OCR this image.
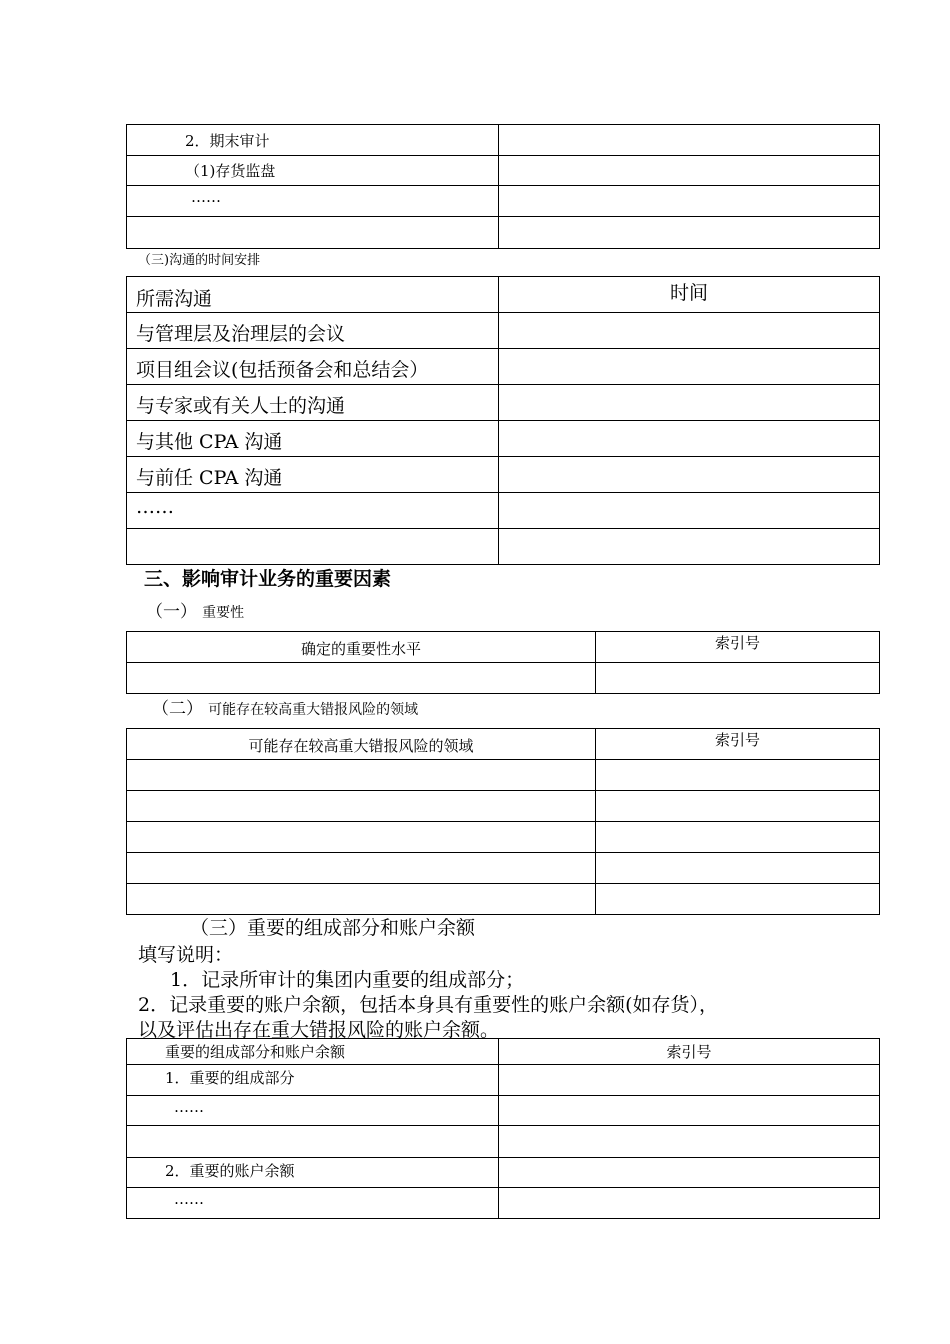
2．期末审计	

（1)存货监盘	

……	

（三)沟通的时间安排
所需沟通	时间

与管理层及治理层的会议	

项目组会议(包括预备会和总结会）	

与专家或有关人士的沟通	

与其他 CPA 沟通	

与前任 CPA 沟通	

……	

三、影响审计业务的重要因素
（一） 重要性
确定的重要性水平	索引号

（二） 可能存在较高重大错报风险的领域
可能存在较高重大错报风险的领域	索引号

（三）重要的组成部分和账户余额
填写说明：
1．记录所审计的集团内重要的组成部分；
2．记录重要的账户余额，包括本身具有重要性的账户余额(如存货），
以及评估出存在重大错报风险的账户余额。
重要的组成部分和账户余额	索引号

1．重要的组成部分	

……	

2．重要的账户余额	

……	
